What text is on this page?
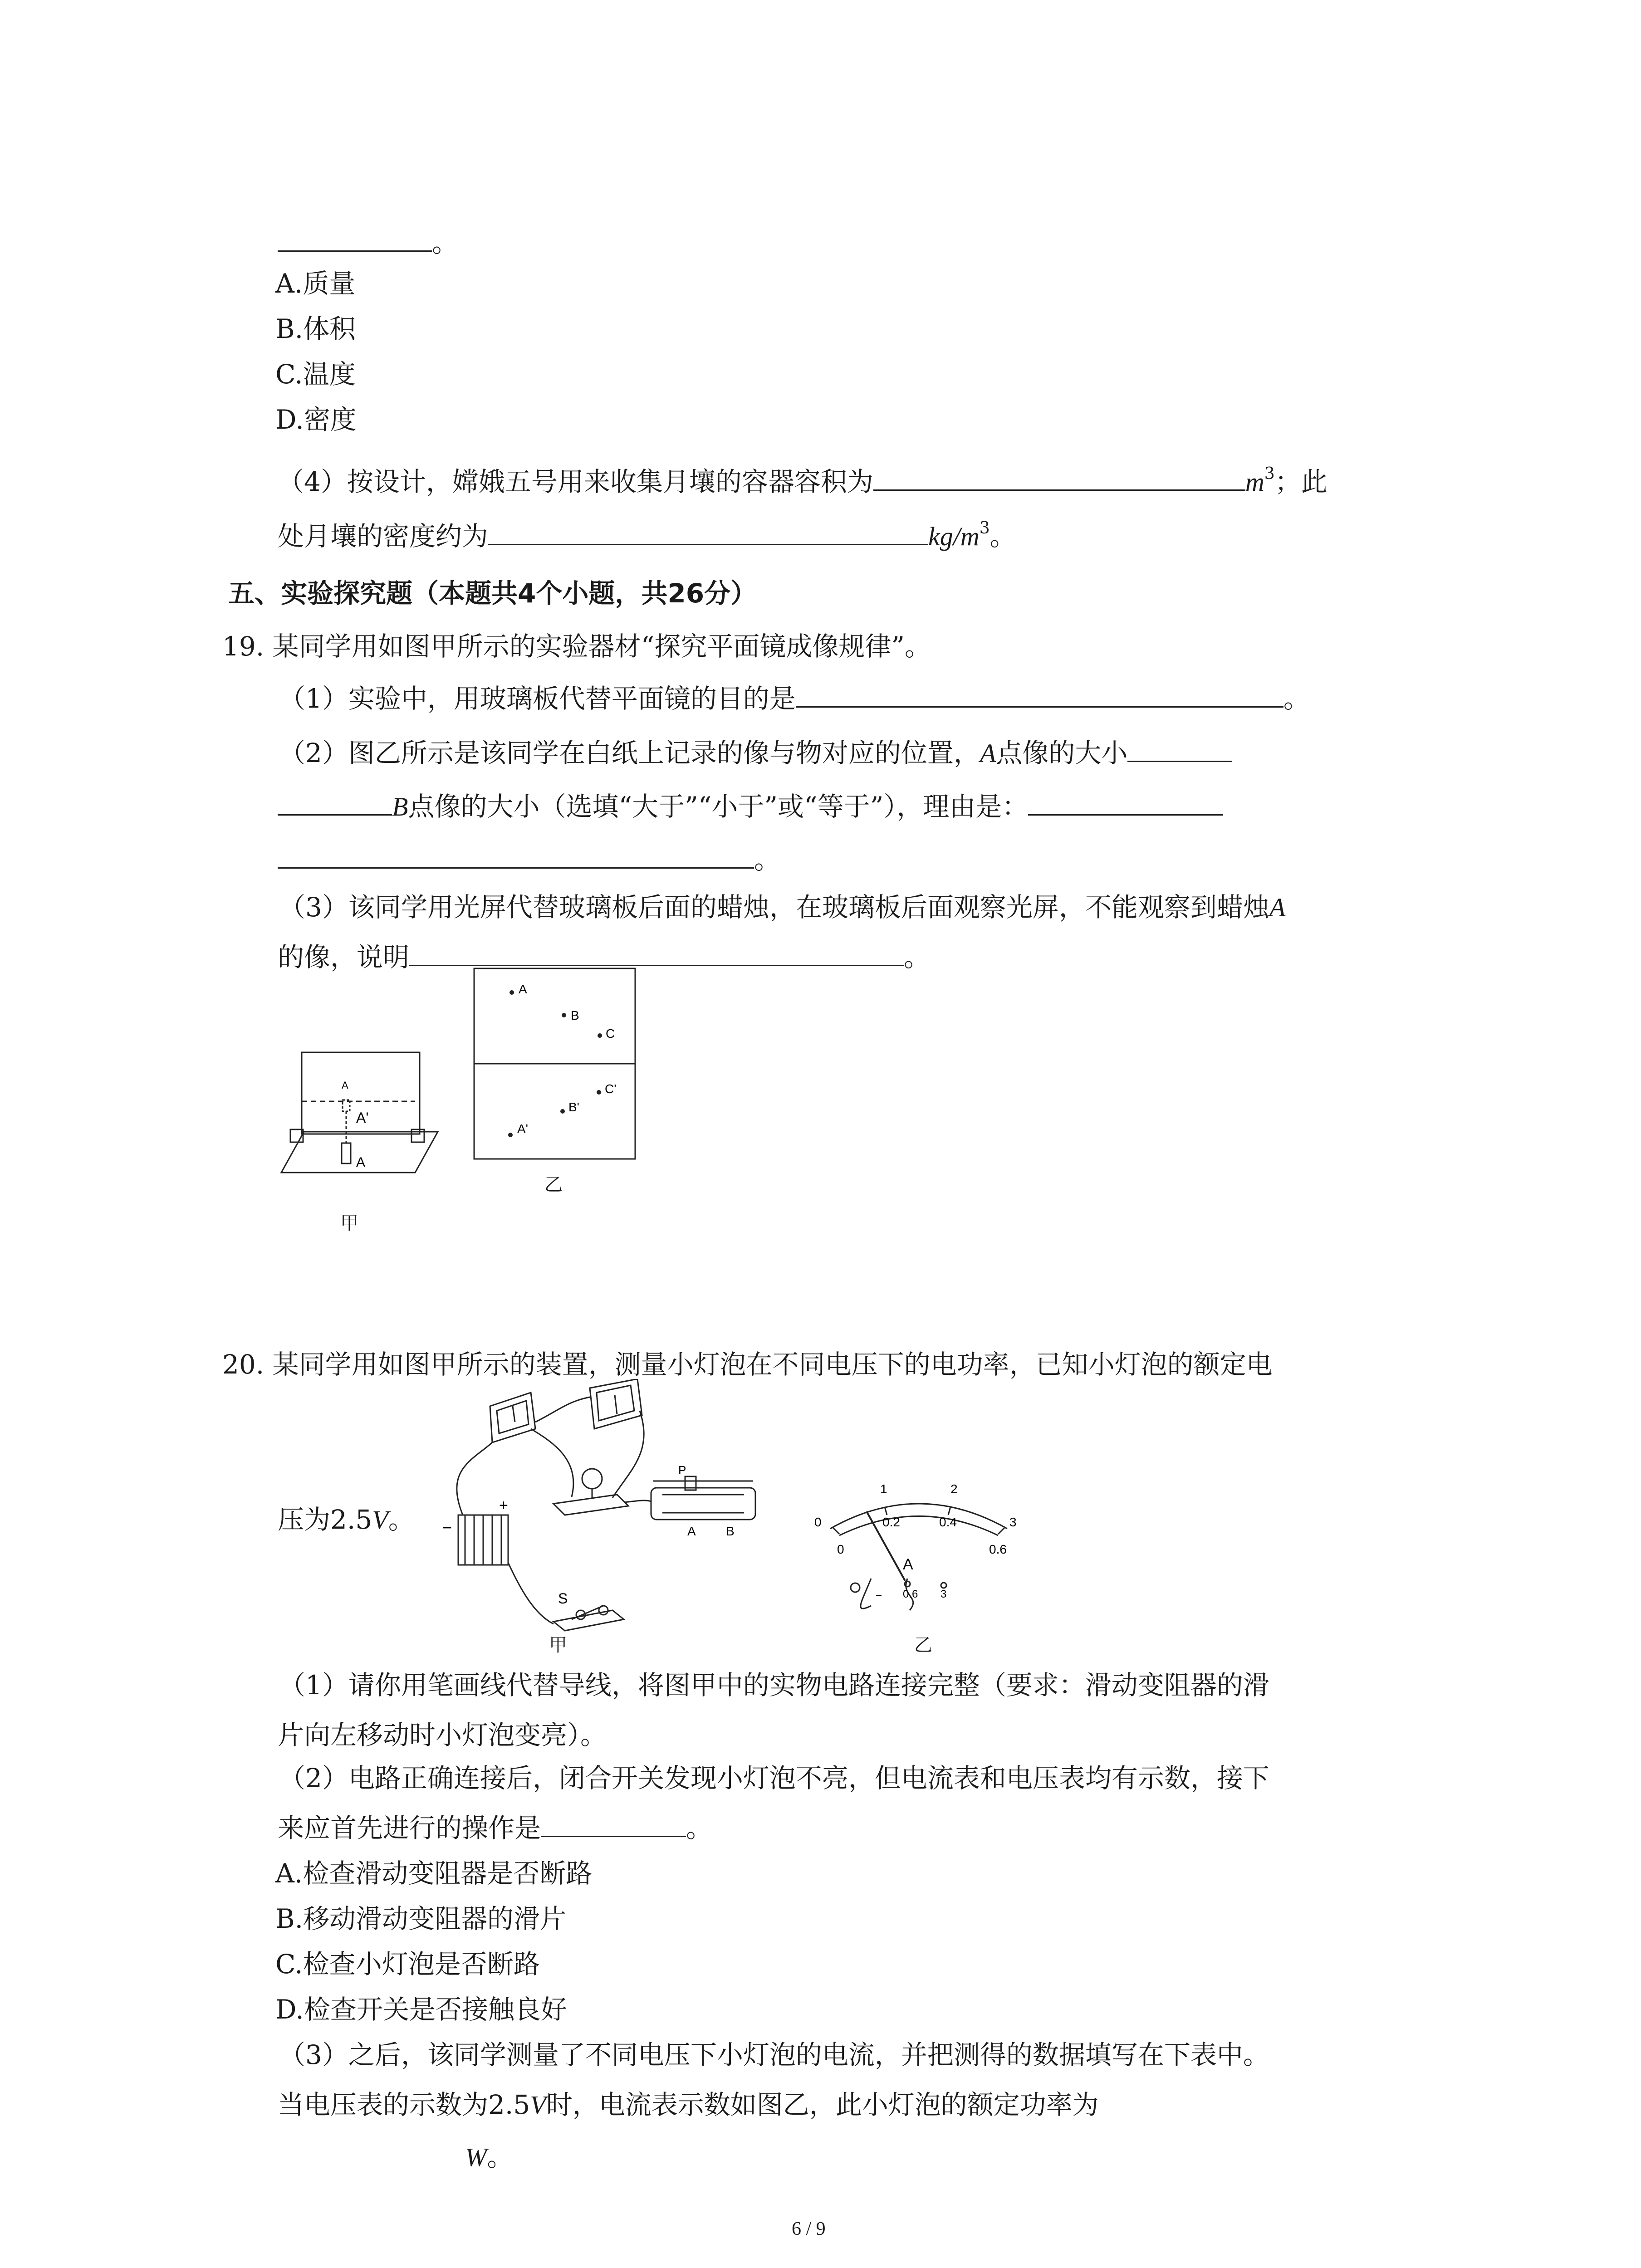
。
A.质量
B.体积
C.温度
D.密度
（4）按设计，嫦娥五号用来收集月壤的容器容积为	$m^3$；此
处月壤的密度约为	$kg/m^3$。
五、实验探究题（本题共4个小题，共26分）
19. 某同学用如图甲所示的实验器材“探究平面镜成像规律”。
（1）实验中，用玻璃板代替平面镜的目的是	。
（2）图乙所示是该同学在白纸上记录的像与物对应的位置，A点像的大小
B点像的大小（选填“大于”“小于”或“等于”），理由是：
。
（3）该同学用光屏代替玻璃板后面的蜡烛，在玻璃板后面观察光屏，不能观察到蜡烛A
的像，说明	。
A
A'
A
甲
A
B
C
C'
B'
A'
乙
20. 某同学用如图甲所示的装置，测量小灯泡在不同电压下的电功率，已知小灯泡的额定电
压为2.5V。 −
+
P
A B
S
甲
0
1	2
3
0
0.2	0.4
0.6
A
− 0.6 3
乙
（1）请你用笔画线代替导线，将图甲中的实物电路连接完整（要求：滑动变阻器的滑
片向左移动时小灯泡变亮）。
（2）电路正确连接后，闭合开关发现小灯泡不亮，但电流表和电压表均有示数，接下
来应首先进行的操作是	。
A.检查滑动变阻器是否断路
B.移动滑动变阻器的滑片
C.检查小灯泡是否断路
D.检查开关是否接触良好
（3）之后，该同学测量了不同电压下小灯泡的电流，并把测得的数据填写在下表中。
当电压表的示数为2.5V时，电流表示数如图乙，此小灯泡的额定功率为
W。
6 / 9
